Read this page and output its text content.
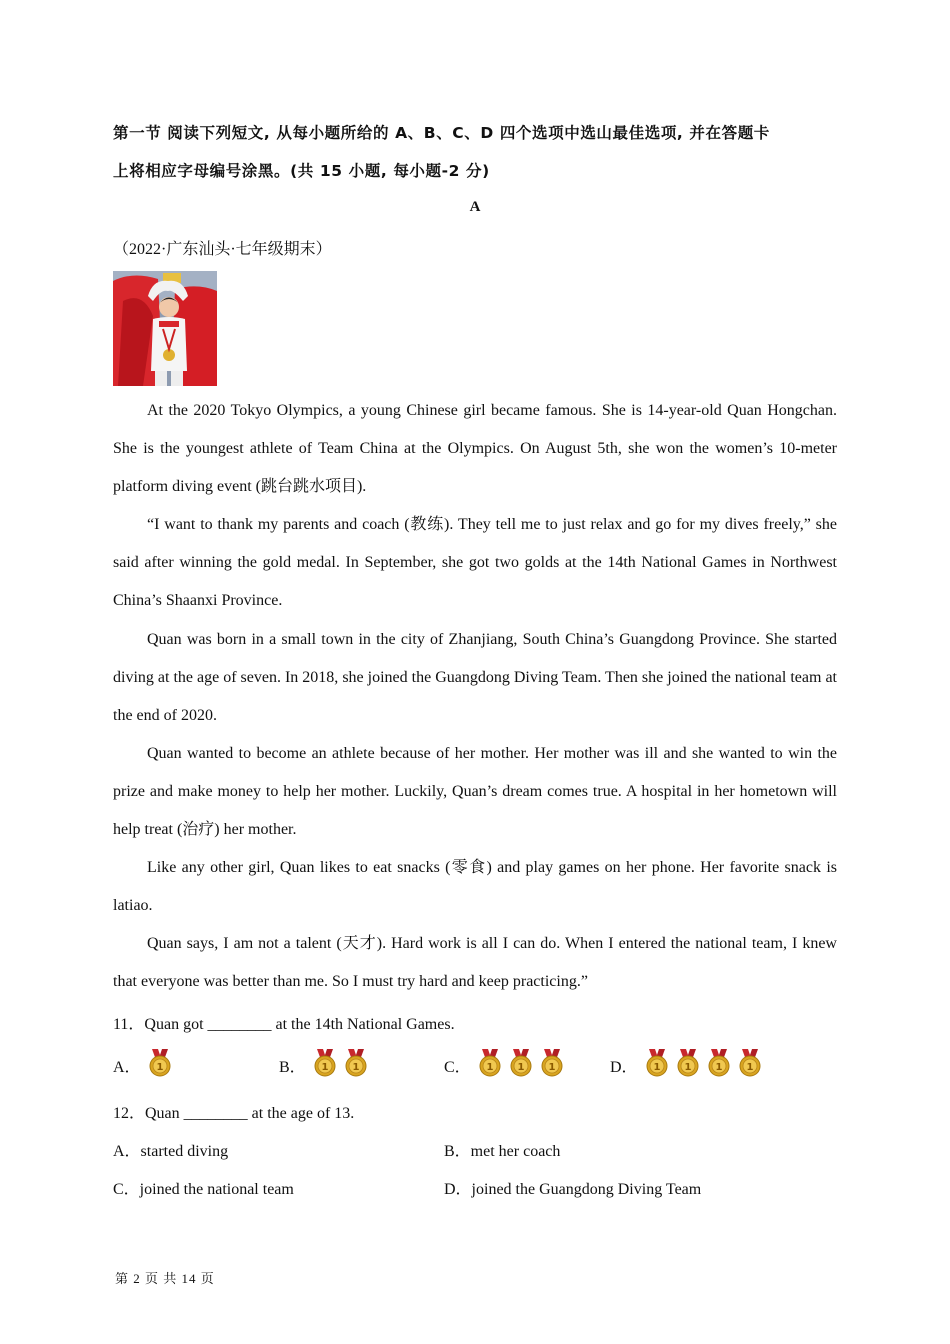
第一节 阅读下列短文, 从每小题所给的 A、B、C、D 四个选项中选山最佳选项, 并在答题卡
上将相应字母编号涂黑。(共 15 小题, 每小题-2 分)
A
（2022·广东汕头·七年级期末）

At the 2020 Tokyo Olympics, a young Chinese girl became famous. She is 14-year-old Quan Hongchan. She is the youngest athlete of Team China at the Olympics. On August 5th, she won the women’s 10-meter platform diving event (跳台跳水项目).

“I want to thank my parents and coach (教练). They tell me to just relax and go for my dives freely,” she said after winning the gold medal. In September, she got two golds at the 14th National Games in Northwest China’s Shaanxi Province.

Quan was born in a small town in the city of Zhanjiang, South China’s Guangdong Province. She started diving at the age of seven. In 2018, she joined the Guangdong Diving Team. Then she joined the national team at the end of 2020.

Quan wanted to become an athlete because of her mother. Her mother was ill and she wanted to win the prize and make money to help her mother. Luckily, Quan’s dream comes true. A hospital in her hometown will help treat (治疗) her mother.

Like any other girl, Quan likes to eat snacks (零食) and play games on her phone. Her favorite snack is latiao.

Quan says, I am not a talent (天才). Hard work is all I can do. When I entered the national team, I knew that everyone was better than me. So I must try hard and keep practicing.”

11．Quan got ________ at the 14th National Games.
A． 1	B． 1 1	C． 1 1 1	D． 1 1 1 1
12．Quan ________ at the age of 13.
A．started diving	B．met her coach
C．joined the national team	D．joined the Guangdong Diving Team
第 2 页 共 14 页
